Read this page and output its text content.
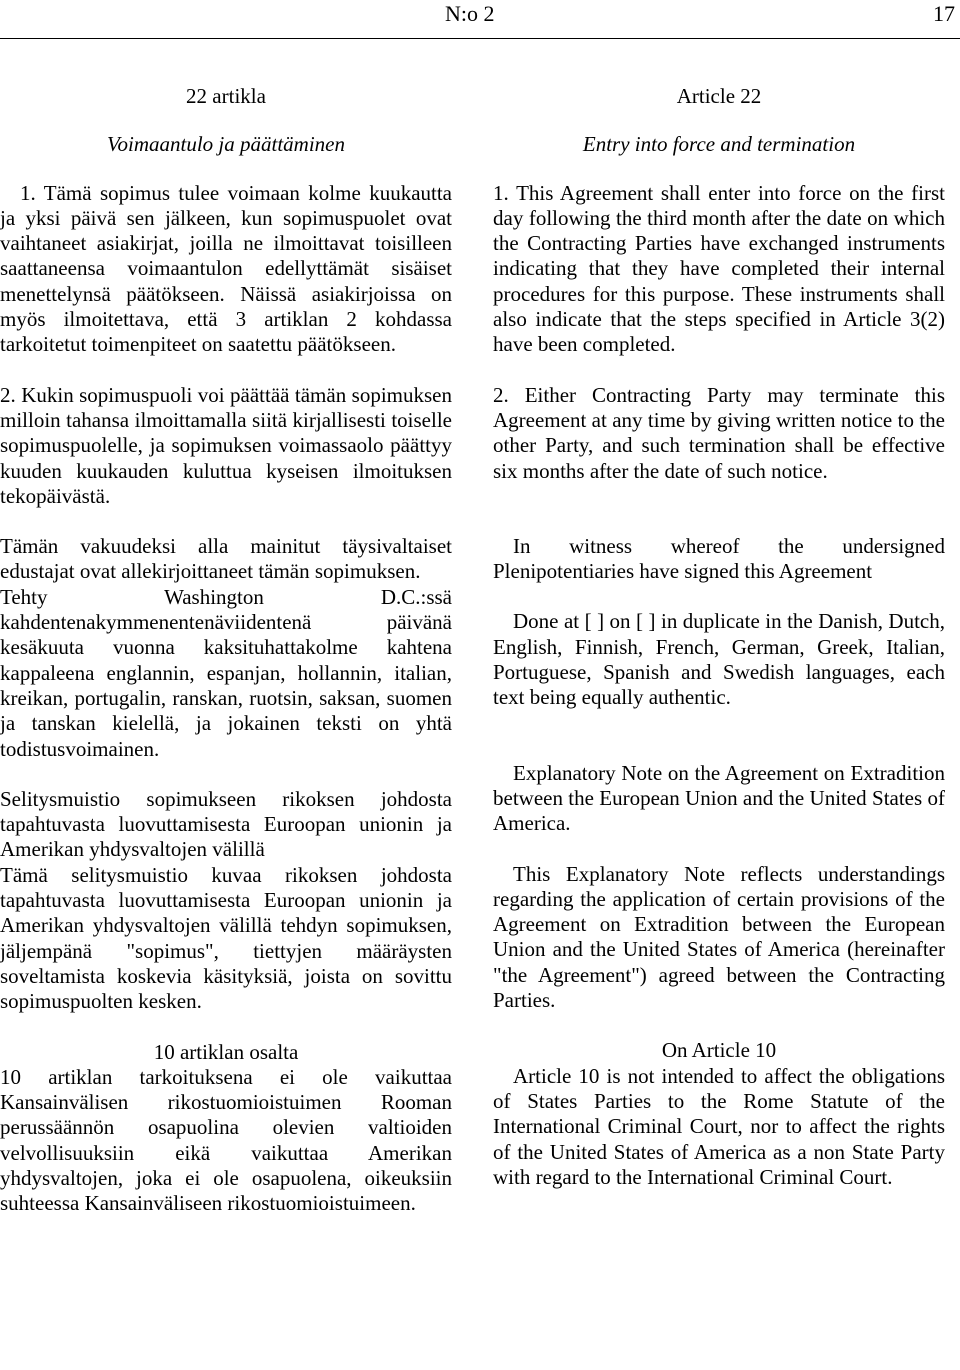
N:o 2	17

22 artikla

Voimaantulo ja päättäminen

1. Tämä sopimus tulee voimaan kolme kuukautta ja yksi päivä sen jälkeen, kun sopimuspuolet ovat vaihtaneet asiakirjat, joilla ne ilmoittavat toisilleen saattaneensa voimaantulon edellyttämät sisäiset menettelynsä päätökseen. Näissä asiakirjoissa on myös ilmoitettava, että 3 artiklan 2 kohdassa tarkoitetut toimenpiteet on saatettu päätökseen.

2. Kukin sopimuspuoli voi päättää tämän sopimuksen milloin tahansa ilmoittamalla siitä kirjallisesti toiselle sopimuspuolelle, ja sopimuksen voimassaolo päättyy kuuden kuukauden kuluttua kyseisen ilmoituksen tekopäivästä.

Tämän vakuudeksi alla mainitut täysivaltaiset edustajat ovat allekirjoittaneet tämän sopimuksen.

Tehty Washington D.C.:ssä kahdentenakymmenentenäviidentenä päivänä kesäkuuta vuonna kaksituhattakolme kahtena kappaleena englannin, espanjan, hollannin, italian, kreikan, portugalin, ranskan, ruotsin, saksan, suomen ja tanskan kielellä, ja jokainen teksti on yhtä todistusvoimainen.

Selitysmuistio sopimukseen rikoksen johdosta tapahtuvasta luovuttamisesta Euroopan unionin ja Amerikan yhdysvaltojen välillä

Tämä selitysmuistio kuvaa rikoksen johdosta tapahtuvasta luovuttamisesta Euroopan unionin ja Amerikan yhdysvaltojen välillä tehdyn sopimuksen, jäljempänä "sopimus", tiettyjen määräysten soveltamista koskevia käsityksiä, joista on sovittu sopimuspuolten kesken.

10 artiklan osalta

10 artiklan tarkoituksena ei ole vaikuttaa Kansainvälisen rikostuomioistuimen Rooman perussäännön osapuolina olevien valtioiden velvollisuuksiin eikä vaikuttaa Amerikan yhdysvaltojen, joka ei ole osapuolena, oikeuksiin suhteessa Kansainväliseen rikostuomioistuimeen.

Article 22

Entry into force and termination

1. This Agreement shall enter into force on the first day following the third month after the date on which the Contracting Parties have exchanged instruments indicating that they have completed their internal procedures for this purpose. These instruments shall also indicate that the steps specified in Article 3(2) have been completed.

2. Either Contracting Party may terminate this Agreement at any time by giving written notice to the other Party, and such termination shall be effective six months after the date of such notice.

In witness whereof the undersigned Plenipotentiaries have signed this Agreement

Done at [ ] on [ ] in duplicate in the Danish, Dutch, English, Finnish, French, German, Greek, Italian, Portuguese, Spanish and Swedish languages, each text being equally authentic.

Explanatory Note on the Agreement on Extradition between the European Union and the United States of America.

This Explanatory Note reflects understandings regarding the application of certain provisions of the Agreement on Extradition between the European Union and the United States of America (hereinafter "the Agreement") agreed between the Contracting Parties.

On Article 10

Article 10 is not intended to affect the obligations of States Parties to the Rome Statute of the International Criminal Court, nor to affect the rights of the United States of America as a non State Party with regard to the International Criminal Court.
